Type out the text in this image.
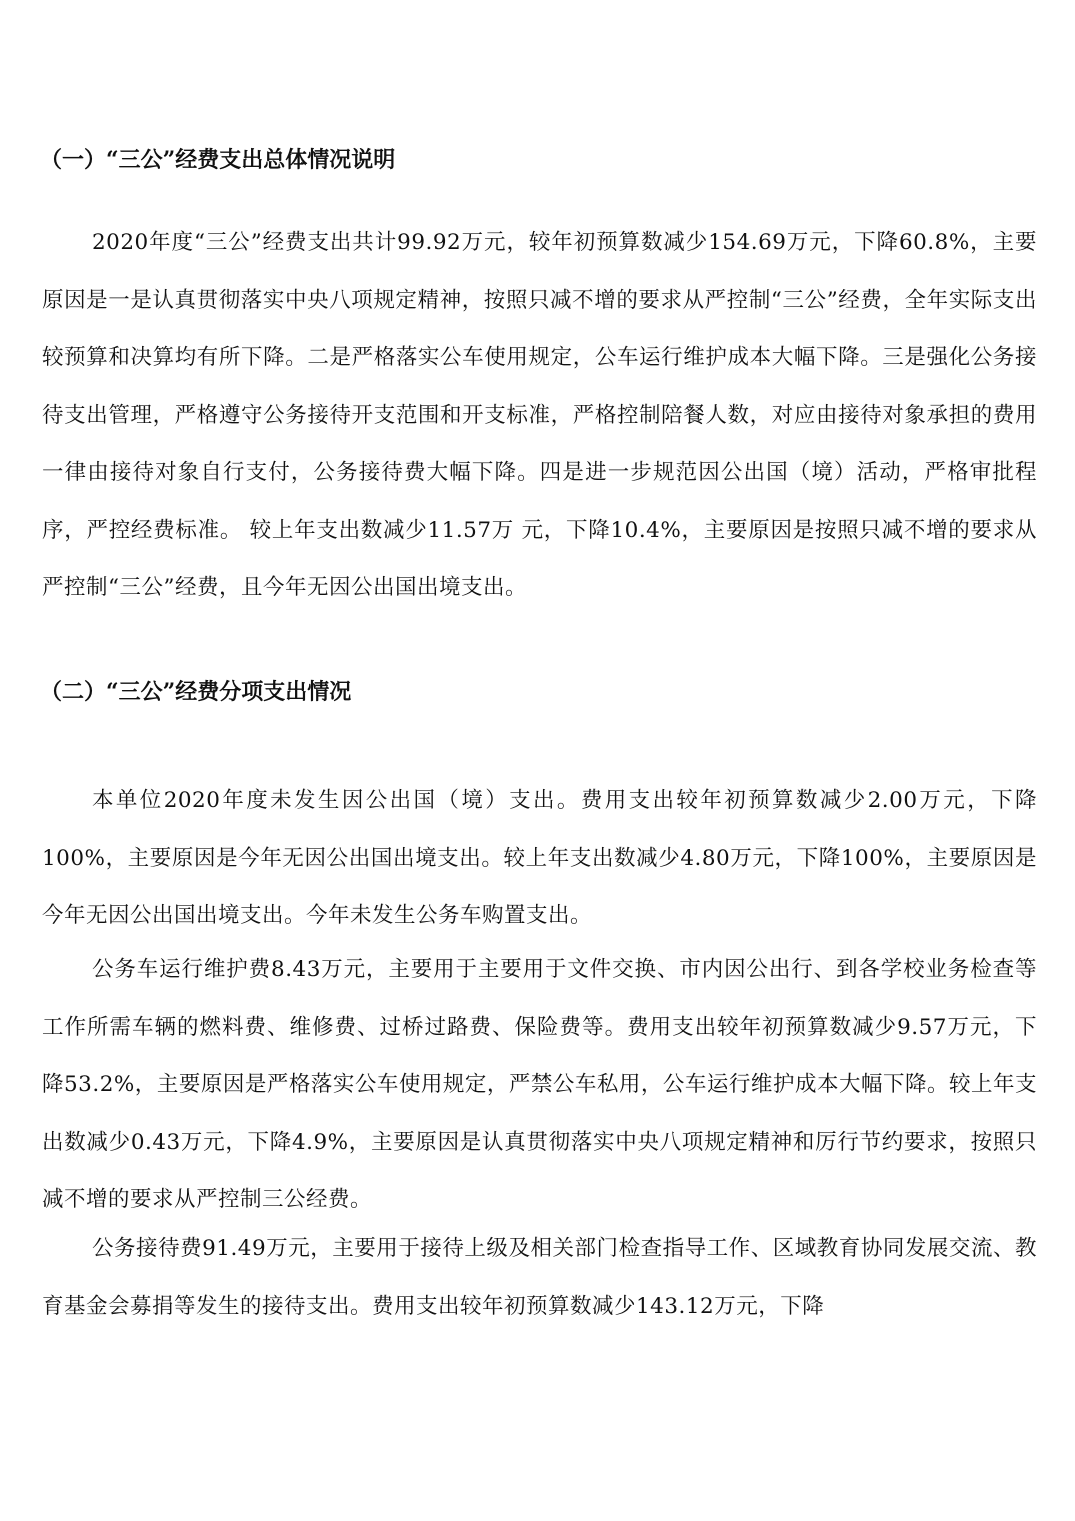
（一）“三公”经费支出总体情况说明
2020年度“三公”经费支出共计99.92万元，较年初预算数减少154.69万元，下降60.8%，主要原因是一是认真贯彻落实中央八项规定精神，按照只减不增的要求从严控制“三公”经费，全年实际支出较预算和决算均有所下降。二是严格落实公车使用规定，公车运行维护成本大幅下降。三是强化公务接待支出管理，严格遵守公务接待开支范围和开支标准，严格控制陪餐人数，对应由接待对象承担的费用一律由接待对象自行支付，公务接待费大幅下降。四是进一步规范因公出国（境）活动，严格审批程序，严控经费标准。 较上年支出数减少11.57万 元，下降10.4%，主要原因是按照只减不增的要求从严控制“三公”经费，且今年无因公出国出境支出。
（二）“三公”经费分项支出情况
本单位2020年度未发生因公出国（境）支出。费用支出较年初预算数减少2.00万元，下降100%，主要原因是今年无因公出国出境支出。较上年支出数减少4.80万元，下降100%，主要原因是今年无因公出国出境支出。今年未发生公务车购置支出。
公务车运行维护费8.43万元，主要用于主要用于文件交换、市内因公出行、到各学校业务检查等工作所需车辆的燃料费、维修费、过桥过路费、保险费等。费用支出较年初预算数减少9.57万元，下降53.2%，主要原因是严格落实公车使用规定，严禁公车私用，公车运行维护成本大幅下降。较上年支出数减少0.43万元，下降4.9%，主要原因是认真贯彻落实中央八项规定精神和厉行节约要求，按照只减不增的要求从严控制三公经费。
公务接待费91.49万元，主要用于接待上级及相关部门检查指导工作、区域教育协同发展交流、教育基金会募捐等发生的接待支出。费用支出较年初预算数减少143.12万元，下降
